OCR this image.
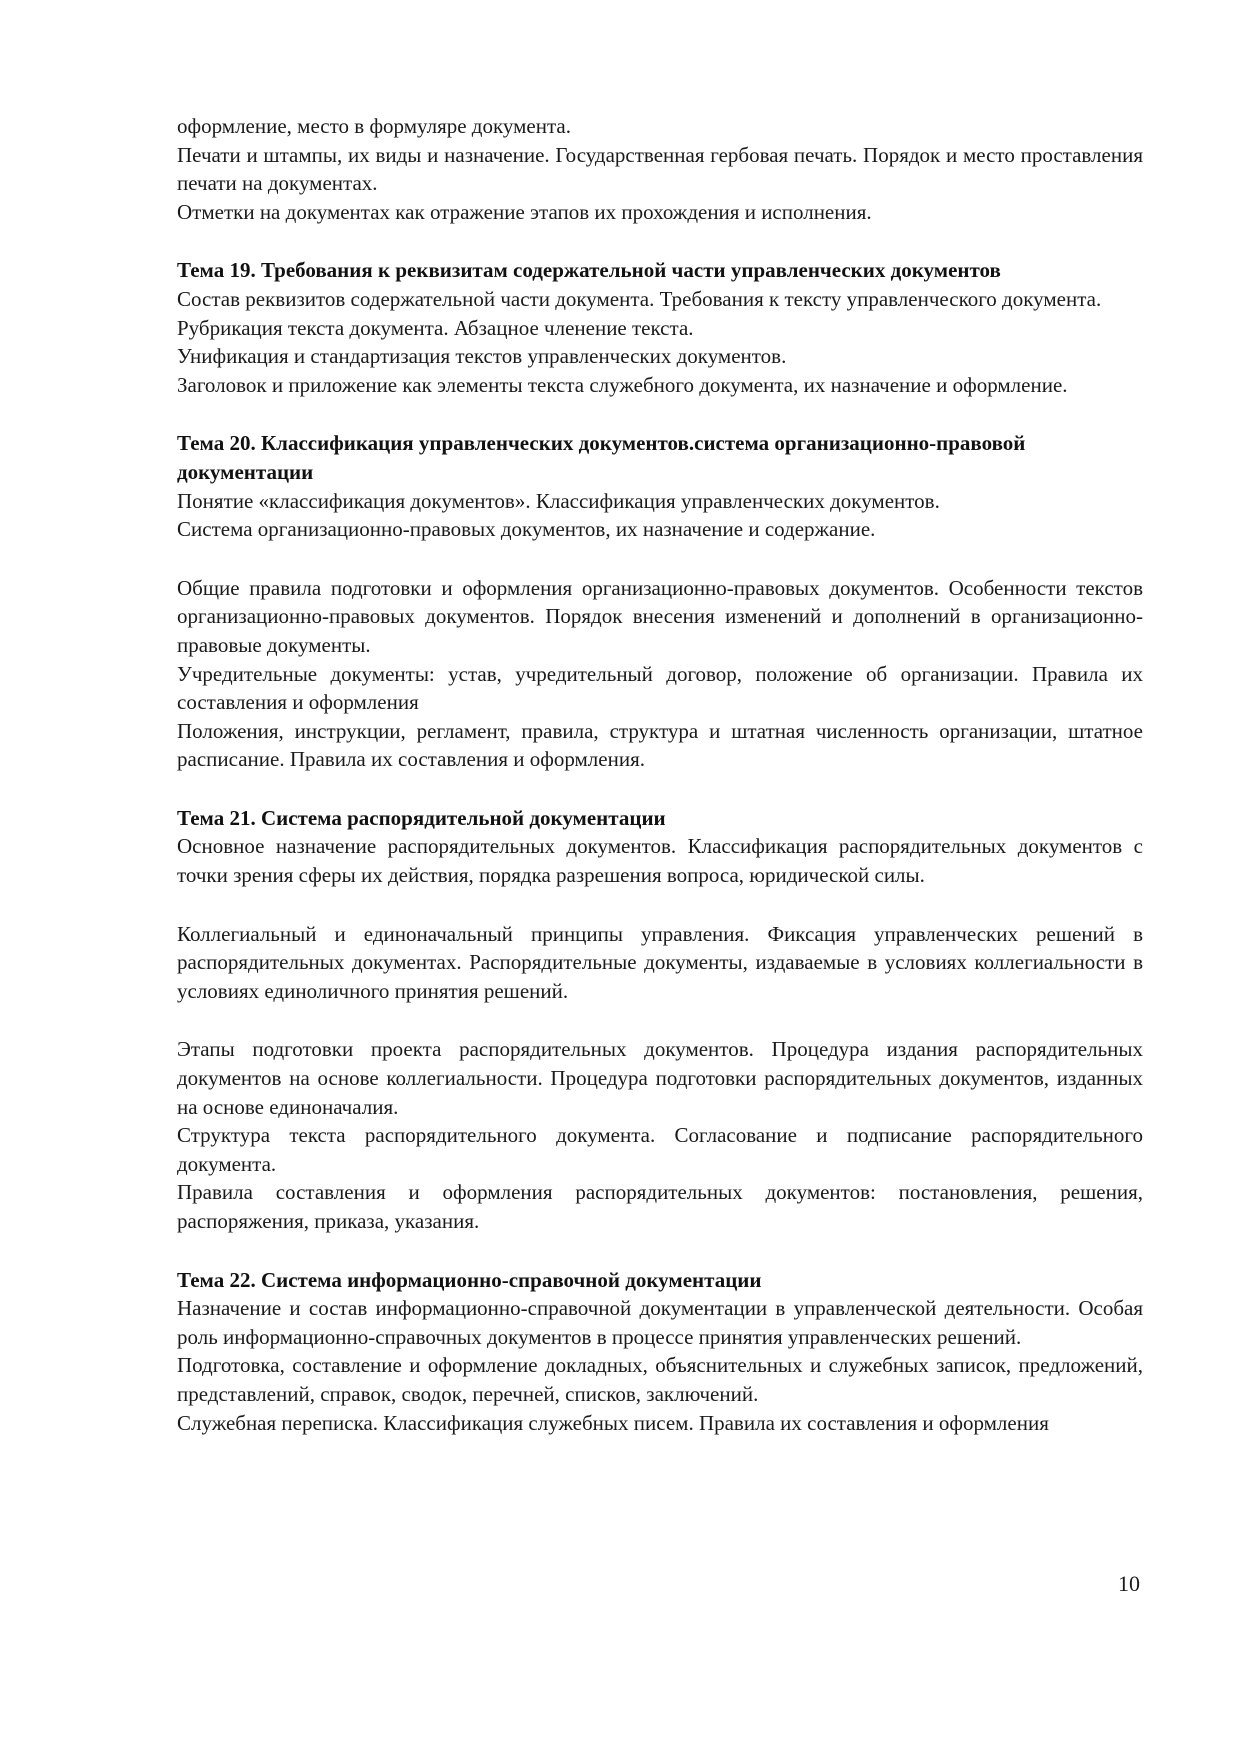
оформление, место в формуляре документа.

Печати и штампы, их виды и назначение. Государственная гербовая печать. Порядок и место проставления печати на документах.

Отметки на документах как отражение этапов их прохождения и исполнения.

Тема 19. Требования к реквизитам содержательной части управленческих документов

Состав реквизитов содержательной части документа. Требования к тексту управленческого документа.

Рубрикация текста документа. Абзацное членение текста.

Унификация и стандартизация текстов управленческих документов.

Заголовок и приложение как элементы текста служебного документа, их назначение и оформление.

Тема 20. Классификация управленческих документов.система организационно-правовой документации

Понятие «классификация документов». Классификация управленческих документов.

Система организационно-правовых документов, их назначение и содержание.

Общие правила подготовки и оформления организационно-правовых документов. Особенности текстов организационно-правовых документов. Порядок внесения изменений и дополнений в организационно-правовые документы.

Учредительные документы: устав, учредительный договор, положение об организации. Правила их составления и оформления

Положения, инструкции, регламент, правила, структура и штатная численность организации, штатное расписание. Правила их составления и оформления.

Тема 21. Система распорядительной документации

Основное назначение распорядительных документов. Классификация распорядительных документов с точки зрения сферы их действия, порядка разрешения вопроса, юридической силы.

Коллегиальный и единоначальный принципы управления. Фиксация управленческих решений в распорядительных документах. Распорядительные документы, издаваемые в условиях коллегиальности в условиях единоличного принятия решений.

Этапы подготовки проекта распорядительных документов. Процедура издания распорядительных документов на основе коллегиальности. Процедура подготовки распорядительных документов, изданных на основе единоначалия.

Структура текста распорядительного документа. Согласование и подписание распорядительного документа.

Правила составления и оформления распорядительных документов: постановления, решения, распоряжения, приказа, указания.

Тема 22. Система информационно-справочной документации

Назначение и состав информационно-справочной документации в управленческой деятельности. Особая роль информационно-справочных документов в процессе принятия управленческих решений.

Подготовка, составление и оформление докладных, объяснительных и служебных записок, предложений, представлений, справок, сводок, перечней, списков, заключений.

Служебная переписка. Классификация служебных писем. Правила их составления и оформления

10
